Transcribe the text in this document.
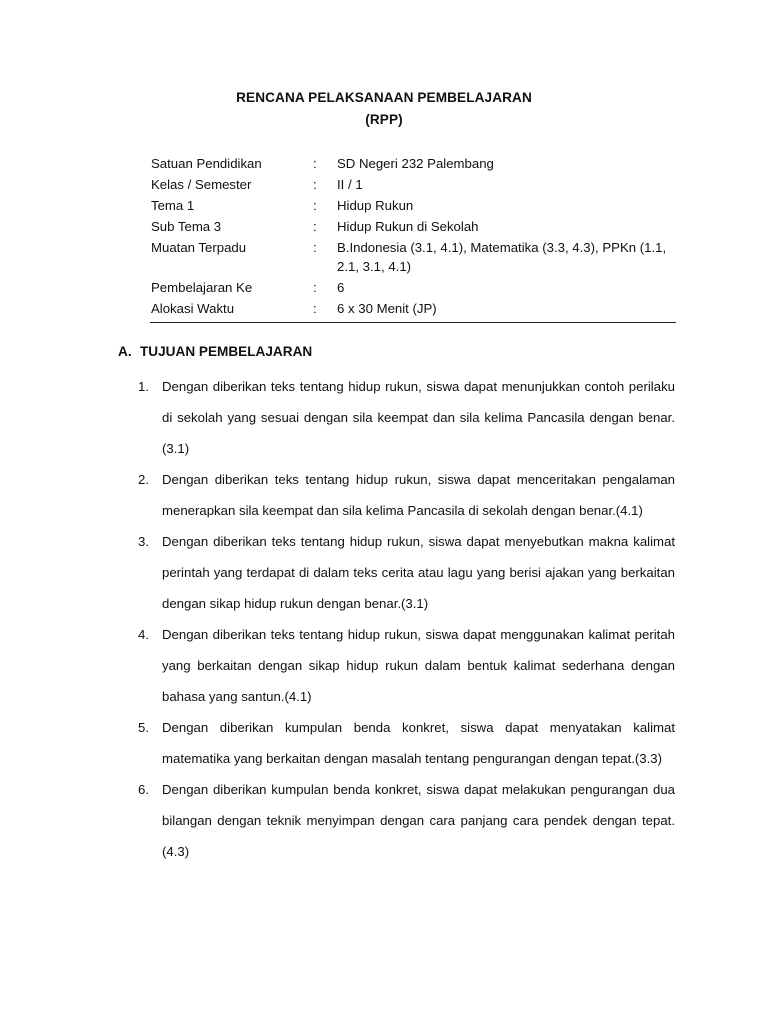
RENCANA PELAKSANAAN PEMBELAJARAN
(RPP)
Satuan Pendidikan	: SD Negeri 232 Palembang
Kelas / Semester	: II / 1
Tema 1	: Hidup Rukun
Sub Tema 3	: Hidup Rukun di Sekolah
Muatan Terpadu	: B.Indonesia (3.1, 4.1), Matematika (3.3, 4.3), PPKn (1.1, 2.1, 3.1, 4.1)
Pembelajaran Ke	: 6
Alokasi Waktu	: 6 x 30 Menit (JP)
A. TUJUAN PEMBELAJARAN
1. Dengan diberikan teks tentang hidup rukun, siswa dapat menunjukkan contoh perilaku di sekolah yang sesuai dengan sila keempat dan sila kelima Pancasila dengan benar.(3.1)
2. Dengan diberikan teks tentang hidup rukun, siswa dapat menceritakan pengalaman menerapkan sila keempat dan sila kelima Pancasila di sekolah dengan benar.(4.1)
3. Dengan diberikan teks tentang hidup rukun, siswa dapat menyebutkan makna kalimat perintah yang terdapat di dalam teks cerita atau lagu yang berisi ajakan yang berkaitan dengan sikap hidup rukun dengan benar.(3.1)
4. Dengan diberikan teks tentang hidup rukun, siswa dapat menggunakan kalimat peritah yang berkaitan dengan sikap hidup rukun dalam bentuk kalimat sederhana dengan bahasa yang santun.(4.1)
5. Dengan diberikan kumpulan benda konkret, siswa dapat menyatakan kalimat matematika yang berkaitan dengan masalah tentang pengurangan dengan tepat.(3.3)
6. Dengan diberikan kumpulan benda konkret, siswa dapat melakukan pengurangan dua bilangan dengan teknik menyimpan dengan cara panjang cara pendek dengan tepat.(4.3)
